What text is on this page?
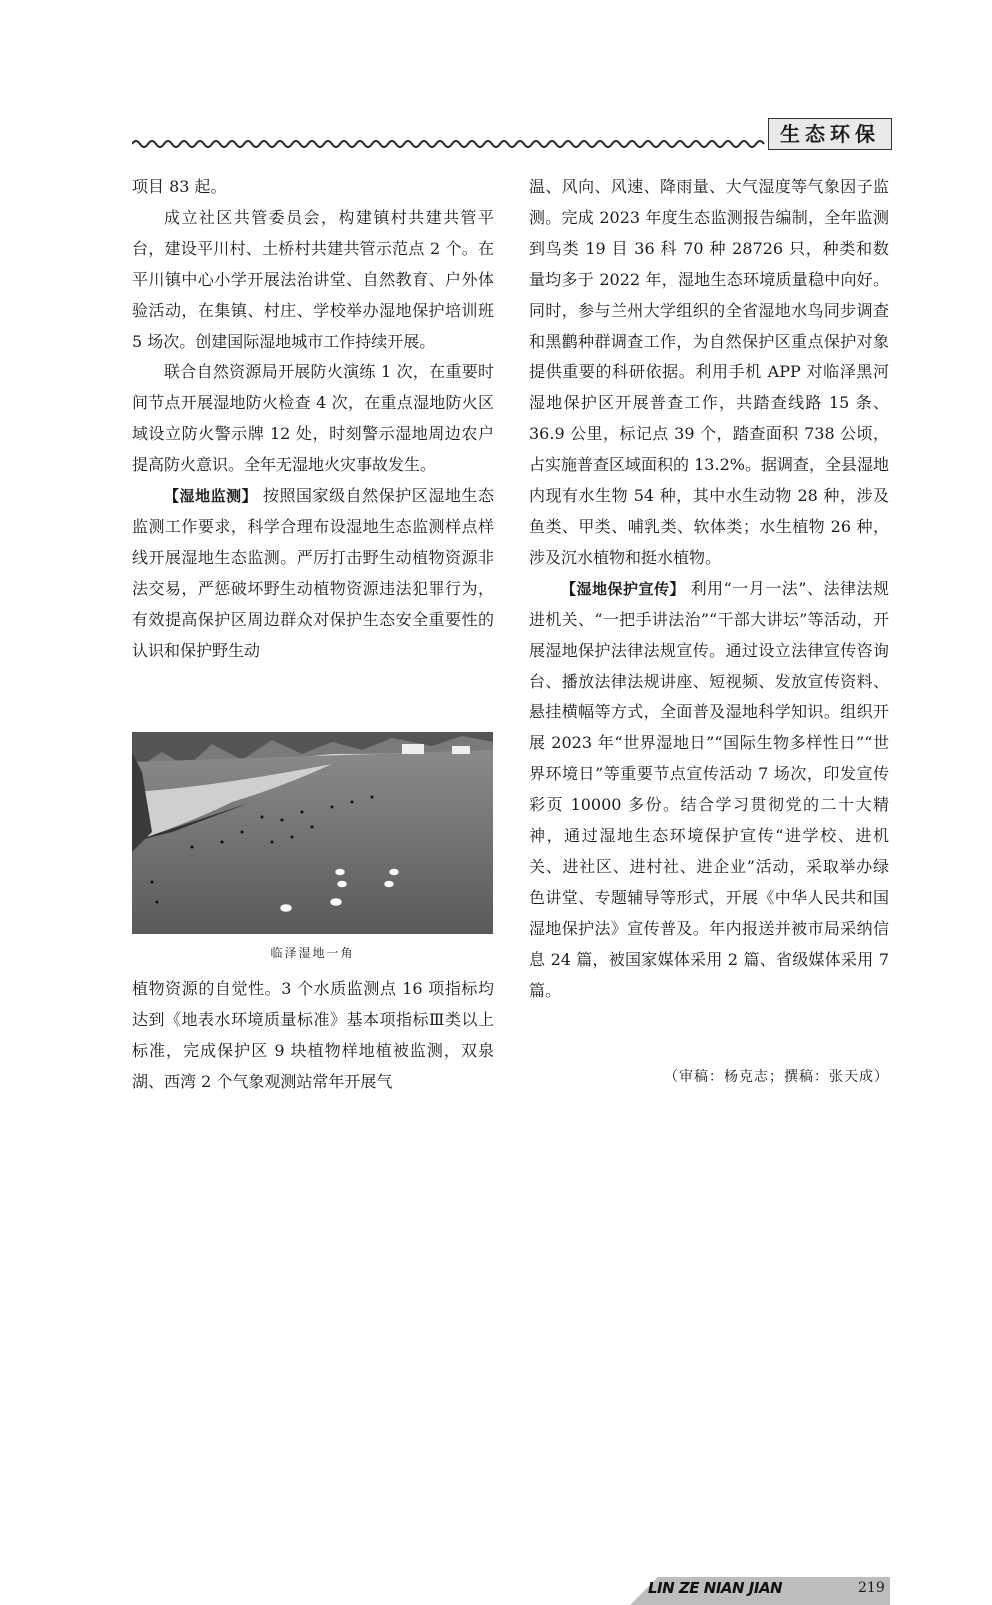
生态环保

项目 83 起。

成立社区共管委员会，构建镇村共建共管平台，建设平川村、土桥村共建共管示范点 2 个。在平川镇中心小学开展法治讲堂、自然教育、户外体验活动，在集镇、村庄、学校举办湿地保护培训班 5 场次。创建国际湿地城市工作持续开展。

联合自然资源局开展防火演练 1 次，在重要时间节点开展湿地防火检查 4 次，在重点湿地防火区域设立防火警示牌 12 处，时刻警示湿地周边农户提高防火意识。全年无湿地火灾事故发生。

【湿地监测】 按照国家级自然保护区湿地生态监测工作要求，科学合理布设湿地生态监测样点样线开展湿地生态监测。严厉打击野生动植物资源非法交易，严惩破坏野生动植物资源违法犯罪行为，有效提高保护区周边群众对保护生态安全重要性的认识和保护野生动

临泽湿地一角

植物资源的自觉性。3 个水质监测点 16 项指标均达到《地表水环境质量标准》基本项指标Ⅲ类以上标准，完成保护区 9 块植物样地植被监测，双泉湖、西湾 2 个气象观测站常年开展气

温、风向、风速、降雨量、大气湿度等气象因子监测。完成 2023 年度生态监测报告编制，全年监测到鸟类 19 目 36 科 70 种 28726 只，种类和数量均多于 2022 年，湿地生态环境质量稳中向好。同时，参与兰州大学组织的全省湿地水鸟同步调查和黑鹳种群调查工作，为自然保护区重点保护对象提供重要的科研依据。利用手机 APP 对临泽黑河湿地保护区开展普查工作，共踏查线路 15 条、36.9 公里，标记点 39 个，踏查面积 738 公顷，占实施普查区域面积的 13.2%。据调查，全县湿地内现有水生物 54 种，其中水生动物 28 种，涉及鱼类、甲类、哺乳类、软体类；水生植物 26 种，涉及沉水植物和挺水植物。

【湿地保护宣传】 利用“一月一法”、法律法规进机关、“一把手讲法治”“干部大讲坛”等活动，开展湿地保护法律法规宣传。通过设立法律宣传咨询台、播放法律法规讲座、短视频、发放宣传资料、悬挂横幅等方式，全面普及湿地科学知识。组织开展 2023 年“世界湿地日”“国际生物多样性日”“世界环境日”等重要节点宣传活动 7 场次，印发宣传彩页 10000 多份。结合学习贯彻党的二十大精神，通过湿地生态环境保护宣传“进学校、进机关、进社区、进村社、进企业”活动，采取举办绿色讲堂、专题辅导等形式，开展《中华人民共和国湿地保护法》宣传普及。年内报送并被市局采纳信息 24 篇，被国家媒体采用 2 篇、省级媒体采用 7 篇。

（审稿：杨克志；撰稿：张天成）
LIN ZE NIAN JIAN	219
